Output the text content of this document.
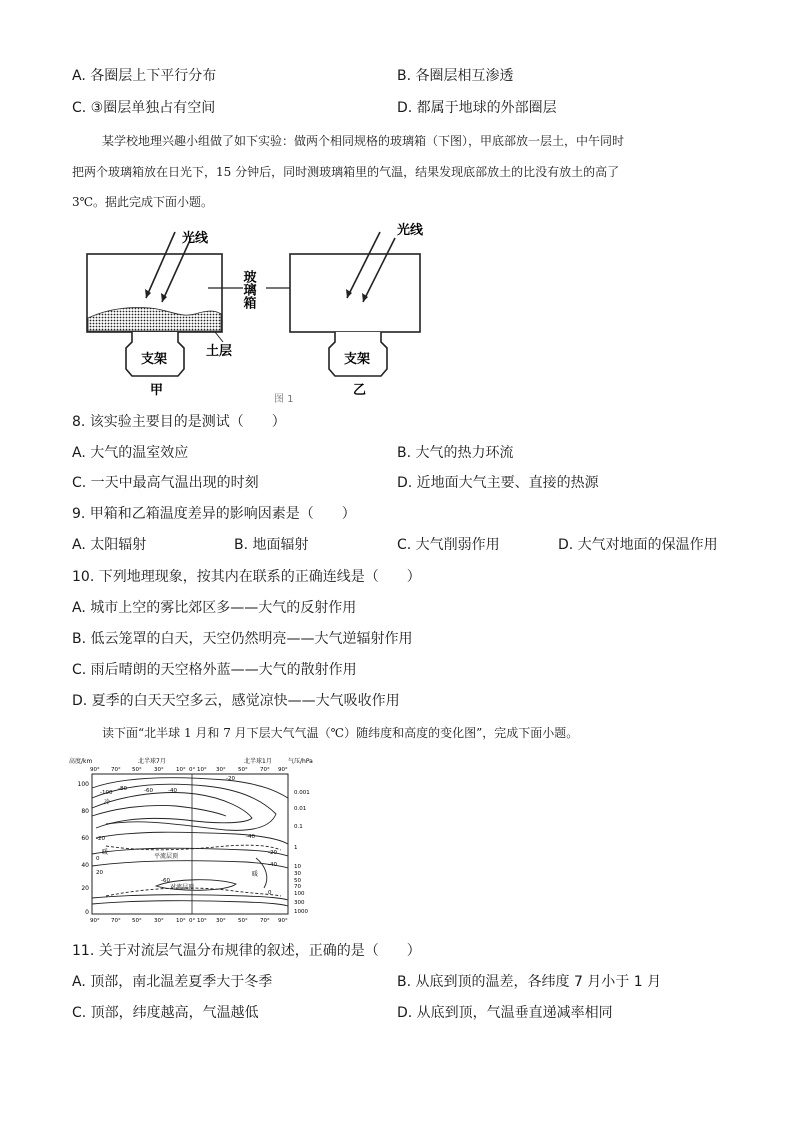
A. 各圈层上下平行分布	B. 各圈层相互渗透
C. ③圈层单独占有空间	D. 都属于地球的外部圈层
某学校地理兴趣小组做了如下实验：做两个相同规格的玻璃箱（下图），甲底部放一层土，中午同时
把两个玻璃箱放在日光下，15 分钟后，同时测玻璃箱里的气温，结果发现底部放土的比没有放土的高了
3℃。据此完成下面小题。
光线
支架
甲
土层
玻璃箱
光线
支架
乙
图 1
8. 该实验主要目的是测试（　　）
A. 大气的温室效应	B. 大气的热力环流
C. 一天中最高气温出现的时刻	D. 近地面大气主要、直接的热源
9. 甲箱和乙箱温度差异的影响因素是（　　）
A. 太阳辐射	B. 地面辐射	C. 大气削弱作用	D. 大气对地面的保温作用
10. 下列地理现象，按其内在联系的正确连线是（　　）
A. 城市上空的雾比郊区多——大气的反射作用
B. 低云笼罩的白天，天空仍然明亮——大气逆辐射作用
C. 雨后晴朗的天空格外蓝——大气的散射作用
D. 夏季的白天天空多云，感觉凉快——大气吸收作用
读下面“北半球 1 月和 7 月下层大气气温（℃）随纬度和高度的变化图”，完成下面小题。
高度/km	北半球7月	北半球1月	气压/hPa
90° 70° 50° 30° 10° 0° 10° 30° 50° 70° 90°
100
80
60
40
20
0
0.001
0.01
0.1
1
10
30
50
70
100
300
1000
-100
-80	-60	-40
-20
0
20
-60
-40
-20
0
-20
-40
冷
暖
平流层顶
对流层顶
暖
90° 70° 50° 30° 10° 0° 10° 30° 50° 70° 90°
11. 关于对流层气温分布规律的叙述，正确的是（　　）
A. 顶部，南北温差夏季大于冬季	B. 从底到顶的温差，各纬度 7 月小于 1 月
C. 顶部，纬度越高，气温越低	D. 从底到顶，气温垂直递减率相同
